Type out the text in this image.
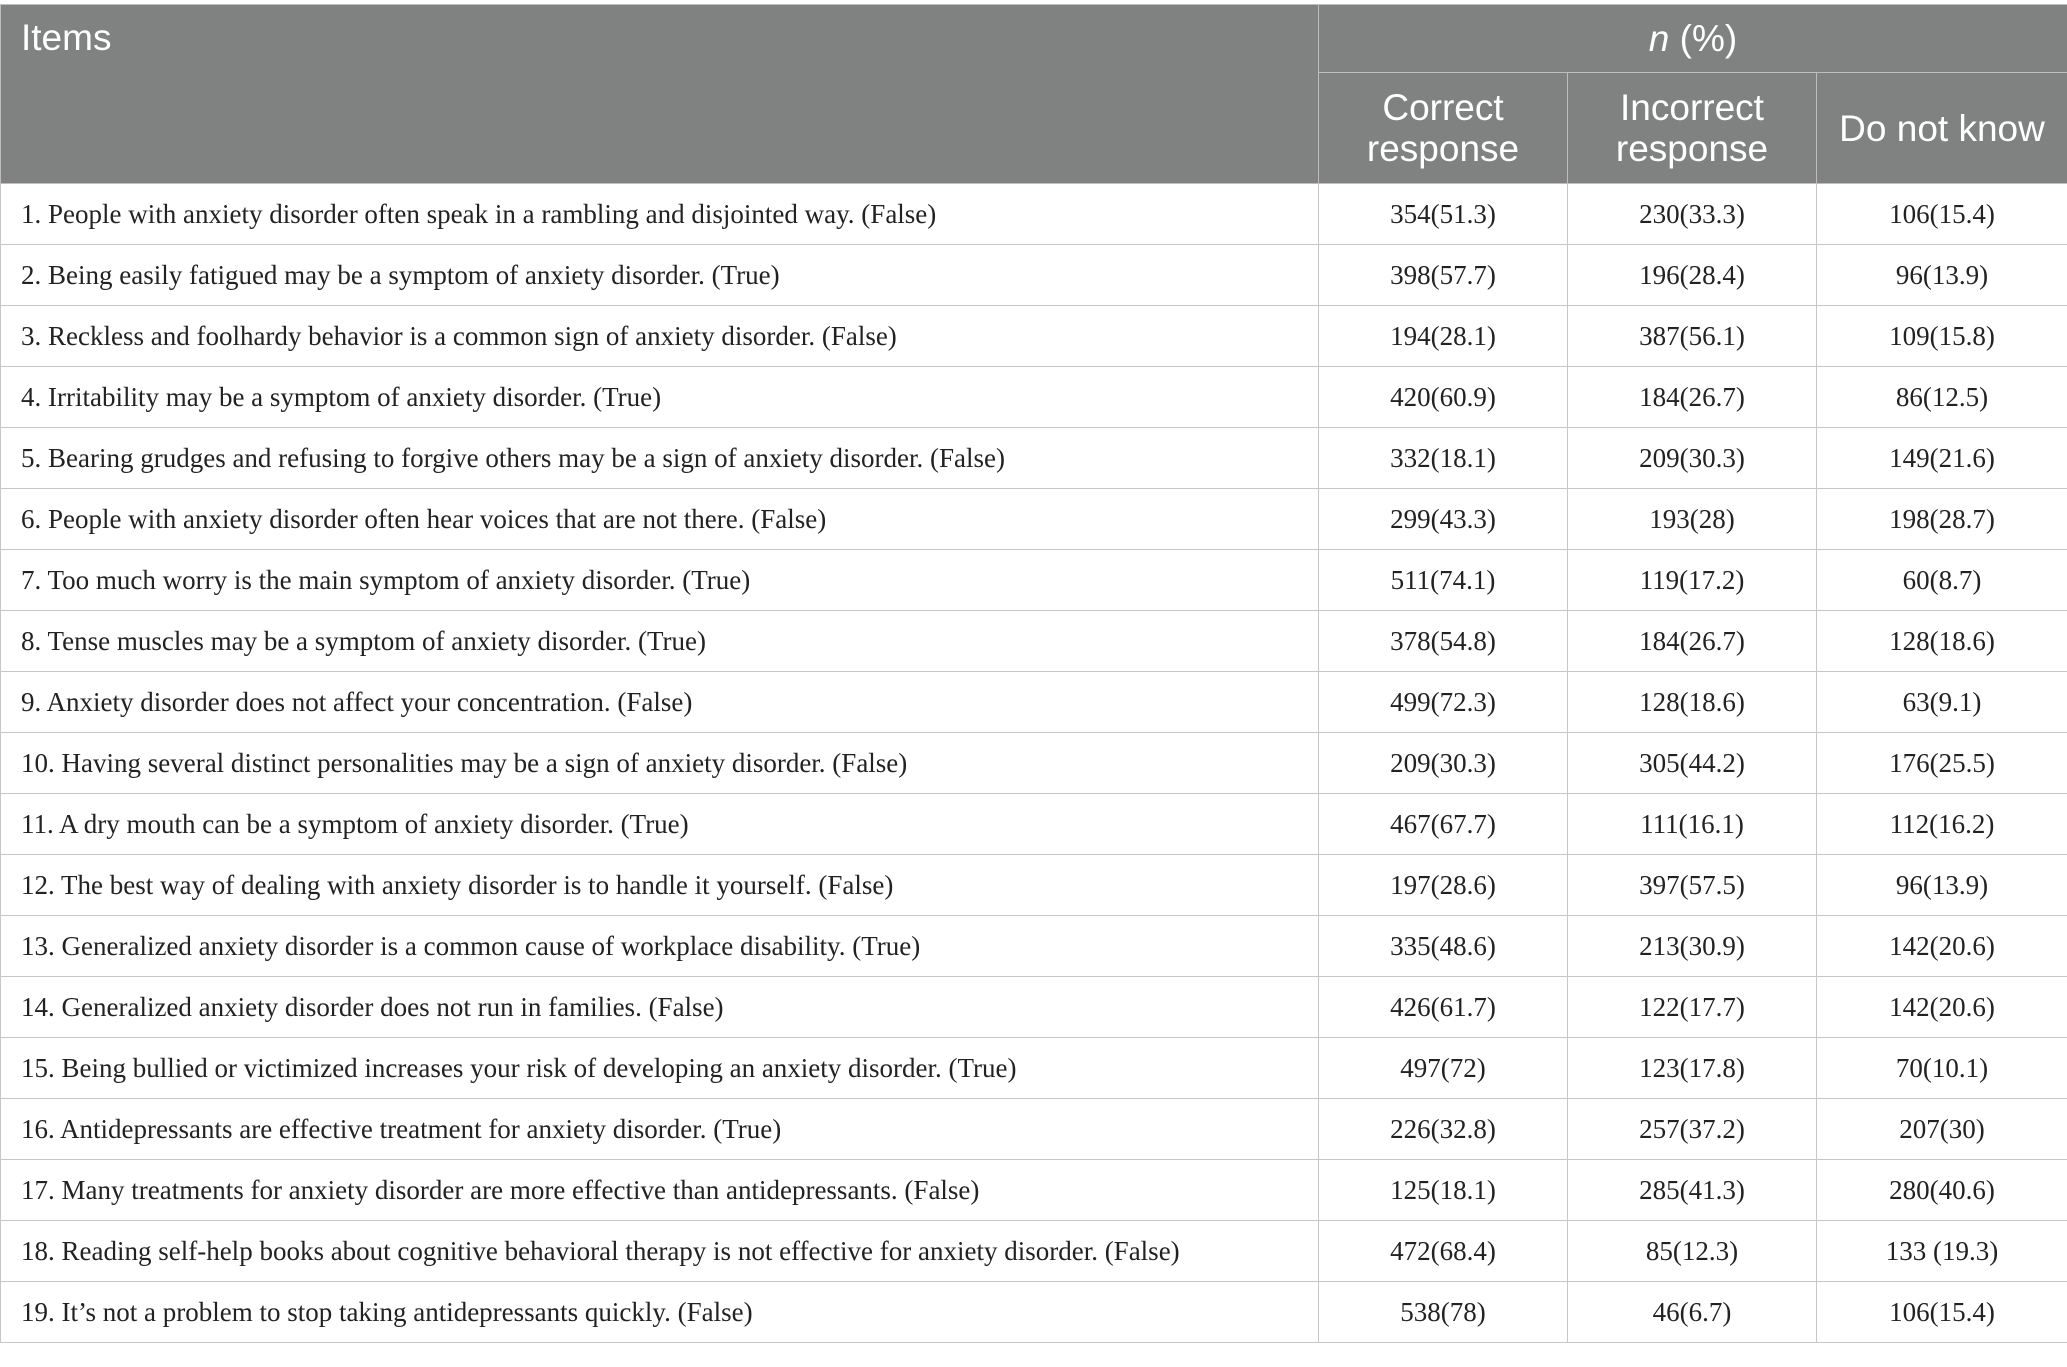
Items	n (%)		
	Correct response	Incorrect response	Do not know
1. People with anxiety disorder often speak in a rambling and disjointed way. (False)	354(51.3)	230(33.3)	106(15.4)
2. Being easily fatigued may be a symptom of anxiety disorder. (True)	398(57.7)	196(28.4)	96(13.9)
3. Reckless and foolhardy behavior is a common sign of anxiety disorder. (False)	194(28.1)	387(56.1)	109(15.8)
4. Irritability may be a symptom of anxiety disorder. (True)	420(60.9)	184(26.7)	86(12.5)
5. Bearing grudges and refusing to forgive others may be a sign of anxiety disorder. (False)	332(18.1)	209(30.3)	149(21.6)
6. People with anxiety disorder often hear voices that are not there. (False)	299(43.3)	193(28)	198(28.7)
7. Too much worry is the main symptom of anxiety disorder. (True)	511(74.1)	119(17.2)	60(8.7)
8. Tense muscles may be a symptom of anxiety disorder. (True)	378(54.8)	184(26.7)	128(18.6)
9. Anxiety disorder does not affect your concentration. (False)	499(72.3)	128(18.6)	63(9.1)
10. Having several distinct personalities may be a sign of anxiety disorder. (False)	209(30.3)	305(44.2)	176(25.5)
11. A dry mouth can be a symptom of anxiety disorder. (True)	467(67.7)	111(16.1)	112(16.2)
12. The best way of dealing with anxiety disorder is to handle it yourself. (False)	197(28.6)	397(57.5)	96(13.9)
13. Generalized anxiety disorder is a common cause of workplace disability. (True)	335(48.6)	213(30.9)	142(20.6)
14. Generalized anxiety disorder does not run in families. (False)	426(61.7)	122(17.7)	142(20.6)
15. Being bullied or victimized increases your risk of developing an anxiety disorder. (True)	497(72)	123(17.8)	70(10.1)
16. Antidepressants are effective treatment for anxiety disorder. (True)	226(32.8)	257(37.2)	207(30)
17. Many treatments for anxiety disorder are more effective than antidepressants. (False)	125(18.1)	285(41.3)	280(40.6)
18. Reading self-help books about cognitive behavioral therapy is not effective for anxiety disorder. (False)	472(68.4)	85(12.3)	133 (19.3)
19. It’s not a problem to stop taking antidepressants quickly. (False)	538(78)	46(6.7)	106(15.4)
